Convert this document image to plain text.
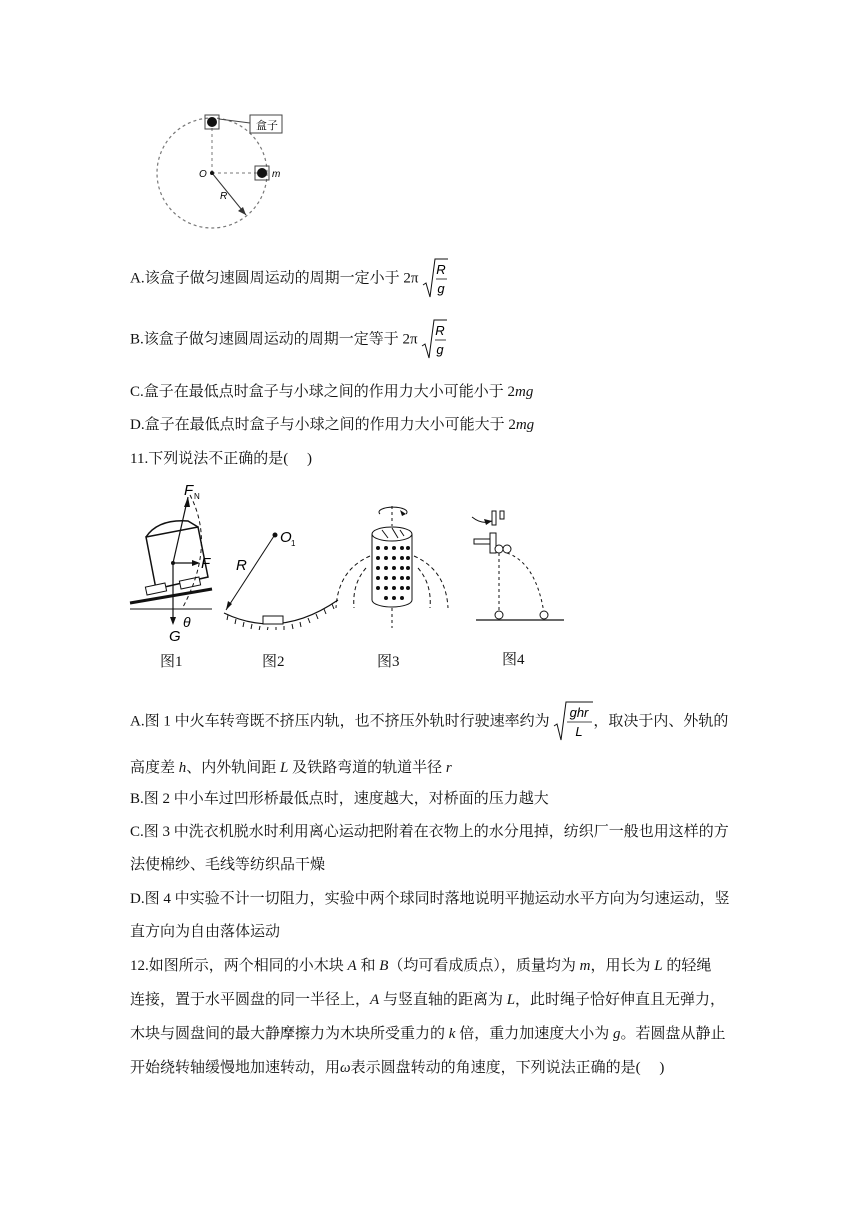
盒子
O	m
R
A.该盒子做匀速圆周运动的周期一定小于 2π
R
g
B.该盒子做匀速圆周运动的周期一定等于 2π
R
g
C.盒子在最低点时盒子与小球之间的作用力大小可能小于 2mg
D.盒子在最低点时盒子与小球之间的作用力大小可能大于 2mg
11.下列说法不正确的是(　 )
F N
F
G
θ
图1
O 1
R
图2	图3	图4
A.图 1 中火车转弯既不挤压内轨，也不挤压外轨时行驶速率约为
ghr
L
，取决于内、外轨的
高度差 h、内外轨间距 L 及铁路弯道的轨道半径 r
B.图 2 中小车过凹形桥最低点时，速度越大，对桥面的压力越大
C.图 3 中洗衣机脱水时利用离心运动把附着在衣物上的水分甩掉，纺织厂一般也用这样的方
法使棉纱、毛线等纺织品干燥
D.图 4 中实验不计一切阻力，实验中两个球同时落地说明平抛运动水平方向为匀速运动，竖
直方向为自由落体运动
12.如图所示，两个相同的小木块 A 和 B（均可看成质点），质量均为 m，用长为 L 的轻绳
连接，置于水平圆盘的同一半径上，A 与竖直轴的距离为 L，此时绳子恰好伸直且无弹力，
木块与圆盘间的最大静摩擦力为木块所受重力的 k 倍，重力加速度大小为 g。若圆盘从静止
开始绕转轴缓慢地加速转动，用ω表示圆盘转动的角速度，下列说法正确的是(　 )
